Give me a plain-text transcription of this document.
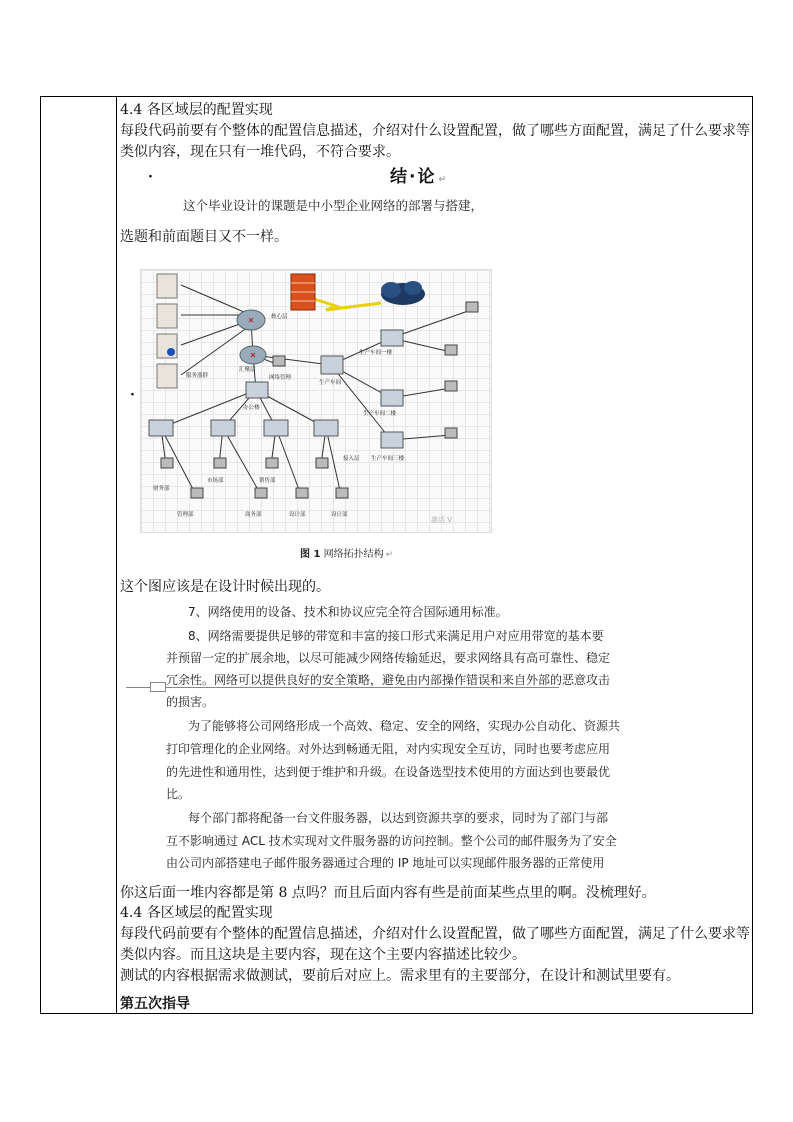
4.4 各区域层的配置实现
每段代码前要有个整体的配置信息描述，介绍对什么设置配置，做了哪些方面配置，满足了什么要求等
类似内容，现在只有一堆代码，不符合要求。
·	结·论 ↵
这个毕业设计的课题是中小型企业网络的部署与搭建，
选题和前面题目又不一样。
✕
✕
核心层
服务器群
汇聚层
网络管理
生产车间
办公楼
生产车间一楼
生产车间二楼
生产车间三楼
接入层
财务部
管理部
市场部
商务部
销售部
设计部	设计部
激活 V
·
图 1 网络拓扑结构 ↵
这个图应该是在设计时候出现的。
7、网络使用的设备、技术和协议应完全符合国际通用标准。
8、网络需要提供足够的带宽和丰富的接口形式来满足用户对应用带宽的基本要
并预留一定的扩展余地，以尽可能减少网络传输延迟，要求网络具有高可靠性、稳定
冗余性。网络可以提供良好的安全策略，避免由内部操作错误和来自外部的恶意攻击
的损害。
为了能够将公司网络形成一个高效、稳定、安全的网络，实现办公自动化、资源共
打印管理化的企业网络。对外达到畅通无阻，对内实现安全互访，同时也要考虑应用
的先进性和通用性，达到便于维护和升级。在设备选型技术使用的方面达到也要最优
比。
每个部门都将配备一台文件服务器，以达到资源共享的要求，同时为了部门与部
互不影响通过 ACL 技术实现对文件服务器的访问控制。整个公司的邮件服务为了安全
由公司内部搭建电子邮件服务器通过合理的 IP 地址可以实现邮件服务器的正常使用
你这后面一堆内容都是第 8 点吗？而且后面内容有些是前面某些点里的啊。没梳理好。
4.4 各区域层的配置实现
每段代码前要有个整体的配置信息描述，介绍对什么设置配置，做了哪些方面配置，满足了什么要求等
类似内容。而且这块是主要内容，现在这个主要内容描述比较少。
测试的内容根据需求做测试，要前后对应上。需求里有的主要部分，在设计和测试里要有。
第五次指导
